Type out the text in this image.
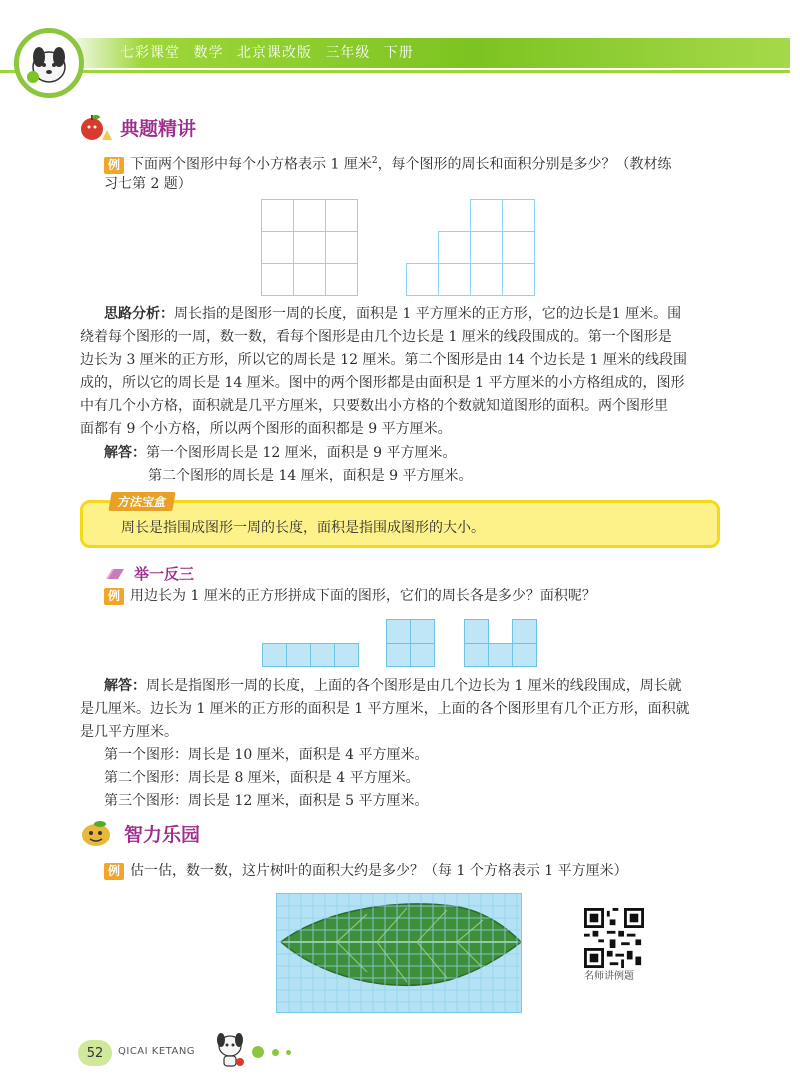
七彩课堂 数学 北京课改版 三年级 下册
典题精讲
例 下面两个图形中每个小方格表示 1 厘米$^2$，每个图形的周长和面积分别是多少？（教材练
习七第 2 题）
思路分析：周长指的是图形一周的长度，面积是 1 平方厘米的正方形，它的边长是1 厘米。围
绕着每个图形的一周，数一数，看每个图形是由几个边长是 1 厘米的线段围成的。第一个图形是
边长为 3 厘米的正方形，所以它的周长是 12 厘米。第二个图形是由 14 个边长是 1 厘米的线段围
成的，所以它的周长是 14 厘米。图中的两个图形都是由面积是 1 平方厘米的小方格组成的，图形
中有几个小方格，面积就是几平方厘米，只要数出小方格的个数就知道图形的面积。两个图形里
面都有 9 个小方格，所以两个图形的面积都是 9 平方厘米。
解答：第一个图形周长是 12 厘米，面积是 9 平方厘米。
第二个图形的周长是 14 厘米，面积是 9 平方厘米。
周长是指围成图形一周的长度，面积是指围成图形的大小。
方法宝盒
举一反三
例 用边长为 1 厘米的正方形拼成下面的图形，它们的周长各是多少？面积呢？
解答：周长是指图形一周的长度，上面的各个图形是由几个边长为 1 厘米的线段围成，周长就
是几厘米。边长为 1 厘米的正方形的面积是 1 平方厘米，上面的各个图形里有几个正方形，面积就
是几平方厘米。
第一个图形：周长是 10 厘米，面积是 4 平方厘米。
第二个图形：周长是 8 厘米，面积是 4 平方厘米。
第三个图形：周长是 12 厘米，面积是 5 平方厘米。
智力乐园
例 估一估，数一数，这片树叶的面积大约是多少？（每 1 个方格表示 1 平方厘米）
名师讲例题
52	QICAI KETANG
